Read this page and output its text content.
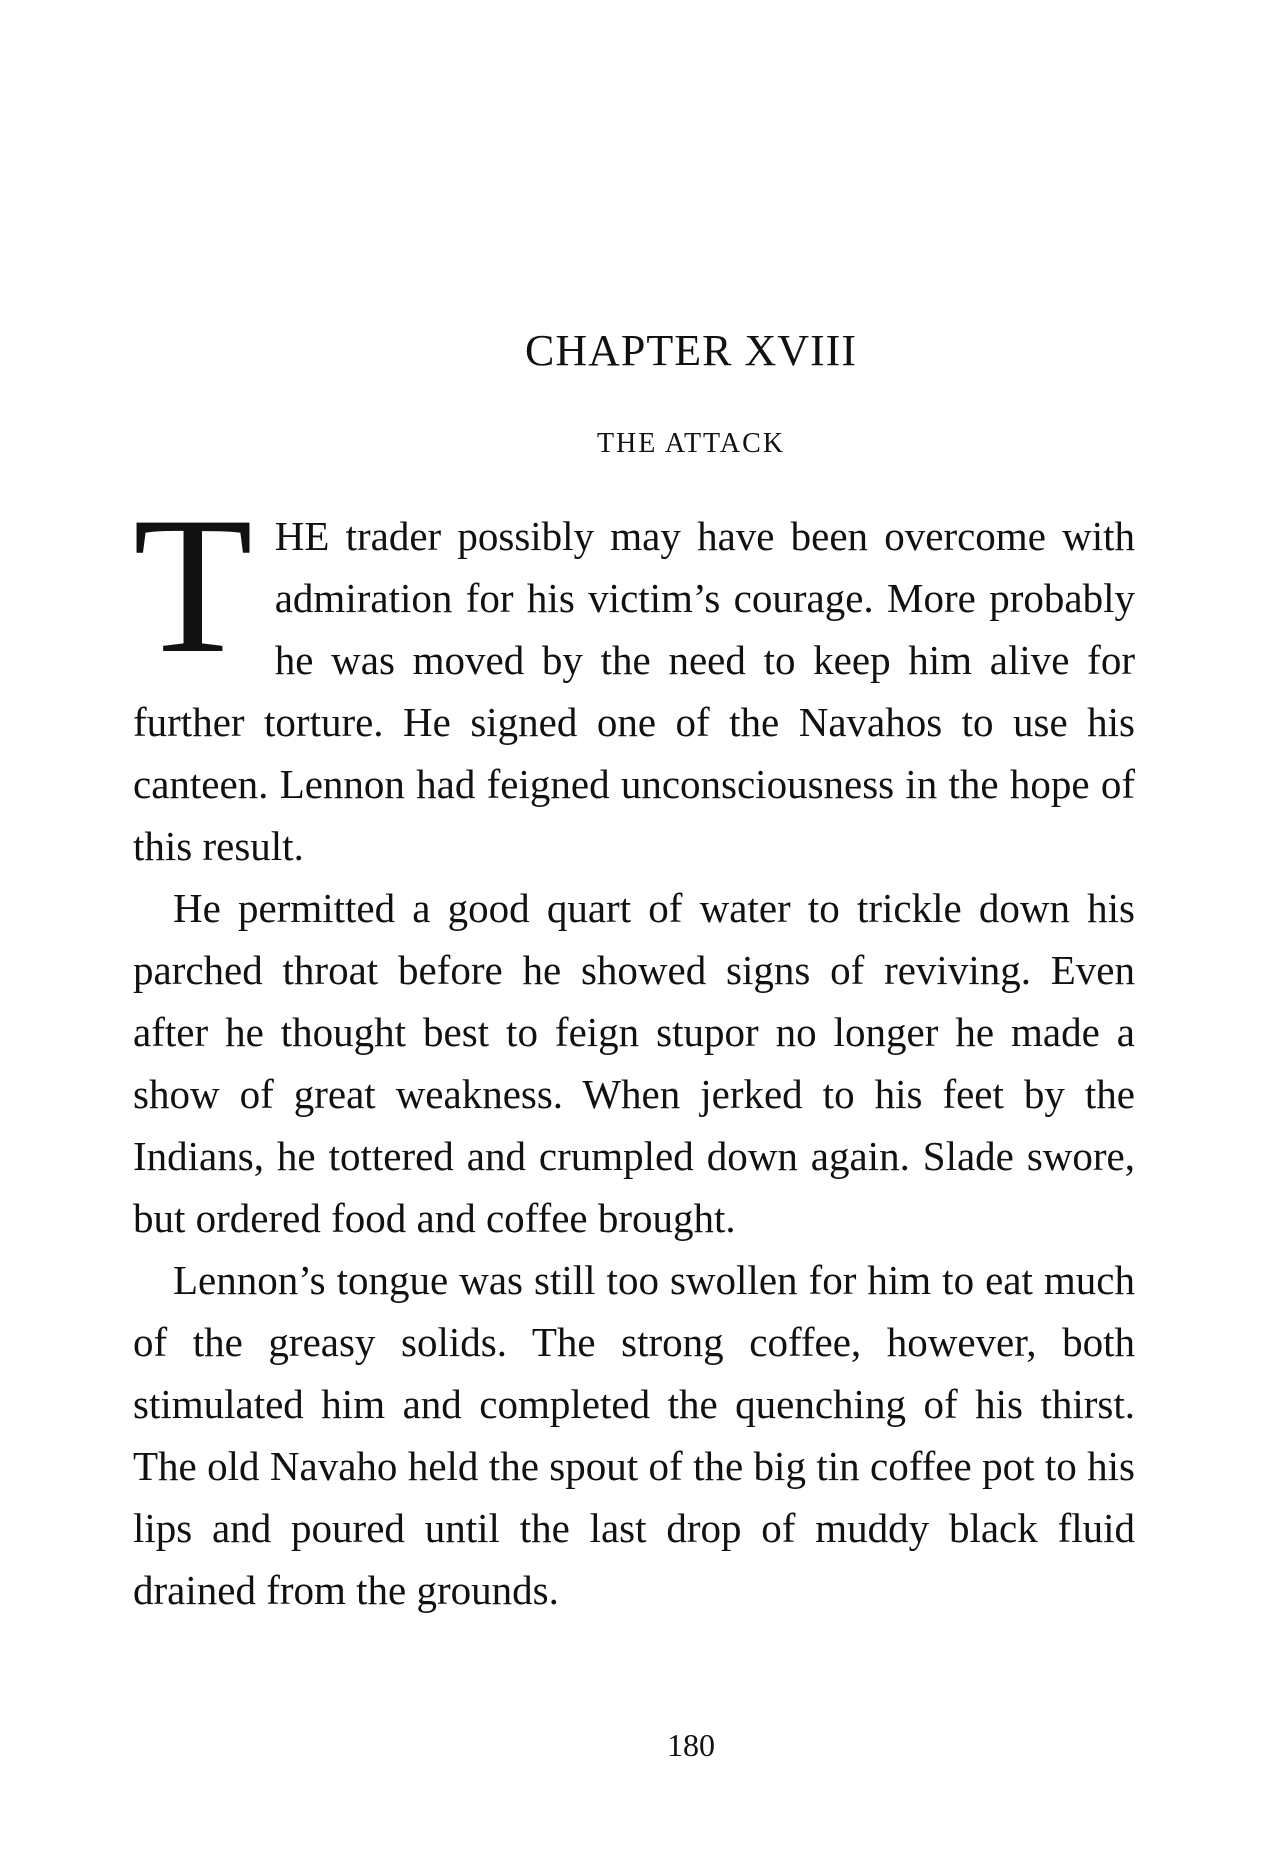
CHAPTER XVIII
THE ATTACK

THE trader possibly may have been overcome with admiration for his victim’s courage. More probably he was moved by the need to keep him alive for further torture. He signed one of the Navahos to use his canteen. Lennon had feigned unconsciousness in the hope of this result.

He permitted a good quart of water to trickle down his parched throat before he showed signs of reviving. Even after he thought best to feign stupor no longer he made a show of great weakness. When jerked to his feet by the Indians, he tottered and crumpled down again. Slade swore, but ordered food and coffee brought.

Lennon’s tongue was still too swollen for him to eat much of the greasy solids. The strong coffee, however, both stimulated him and completed the quenching of his thirst. The old Navaho held the spout of the big tin coffee pot to his lips and poured until the last drop of muddy black fluid drained from the grounds.

180
